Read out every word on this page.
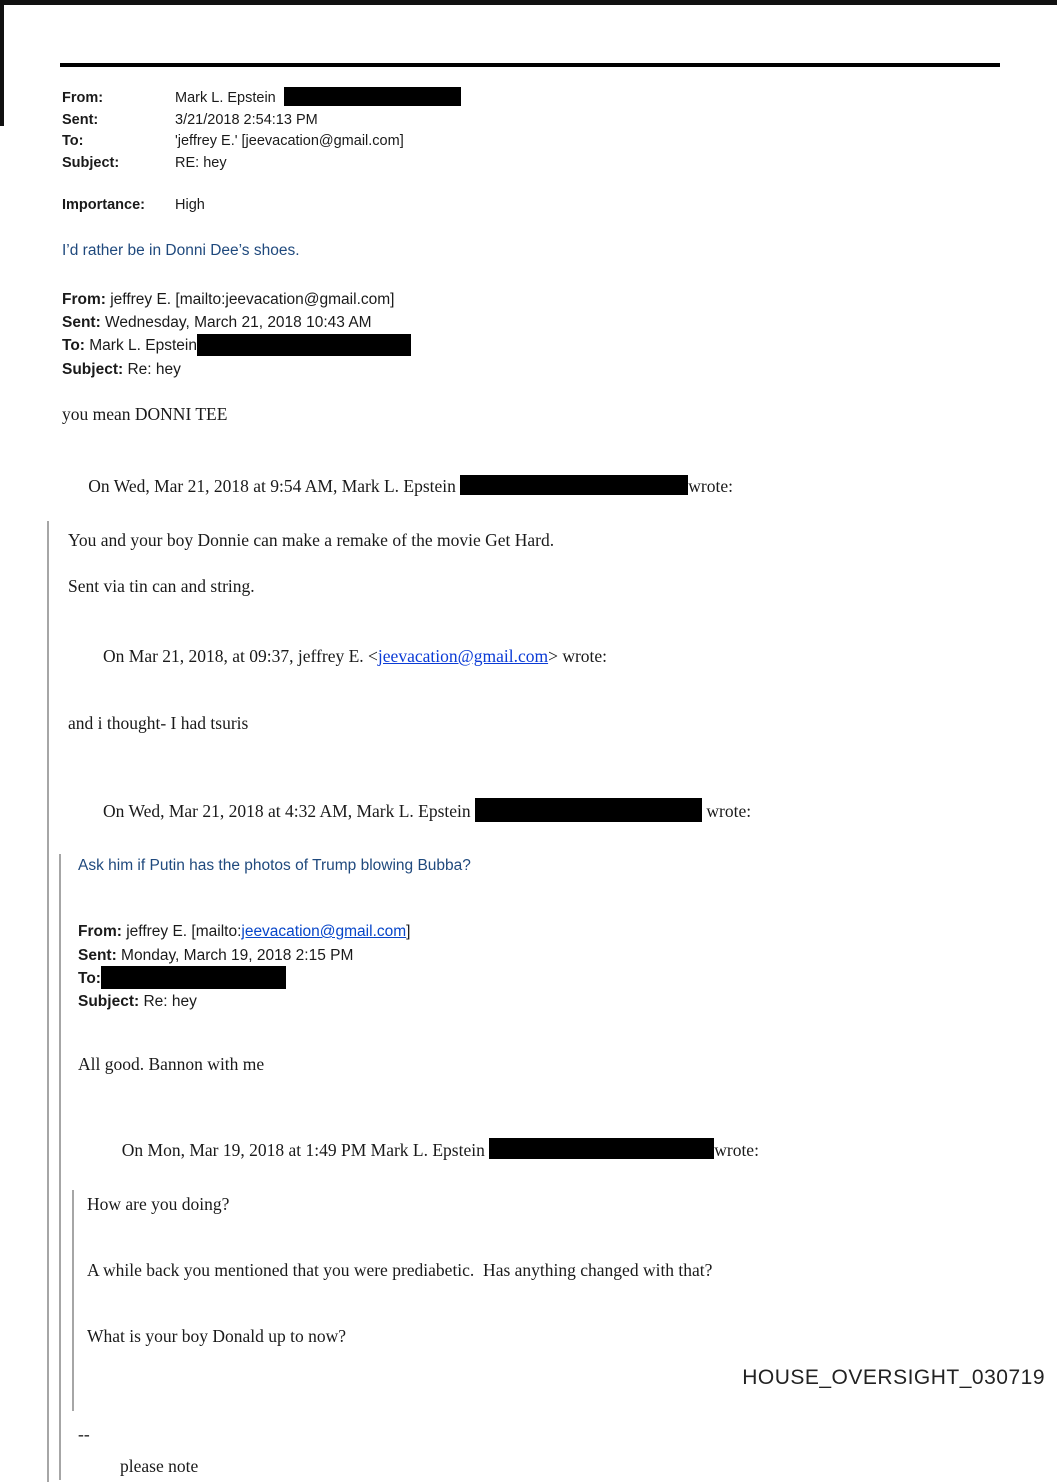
From:	Mark L. Epstein
Sent:	3/21/2018 2:54:13 PM
To:	'jeffrey E.' [jeevacation@gmail.com]
Subject:	RE: hey
Importance: High
I’d rather be in Donni Dee’s shoes.
From: jeffrey E. [mailto:jeevacation@gmail.com]
Sent: Wednesday, March 21, 2018 10:43 AM
To: Mark L. Epstein
Subject: Re: hey
you mean DONNI TEE

On Wed, Mar 21, 2018 at 9:54 AM, Mark L. Epstein	wrote:

You and your boy Donnie can make a remake of the movie Get Hard.
Sent via tin can and string.

On Mar 21, 2018, at 09:37, jeffrey E. <jeevacation@gmail.com> wrote:

and i thought- I had tsuris

On Wed, Mar 21, 2018 at 4:32 AM, Mark L. Epstein	wrote:

Ask him if Putin has the photos of Trump blowing Bubba?
From: jeffrey E. [mailto:jeevacation@gmail.com]
Sent: Monday, March 19, 2018 2:15 PM
To:
Subject: Re: hey
All good. Bannon with me

On Mon, Mar 19, 2018 at 1:49 PM Mark L. Epstein	wrote:

How are you doing?
A while back you mentioned that you were prediabetic.  Has anything changed with that?
What is your boy Donald up to now?
--
please note
HOUSE_OVERSIGHT_030719
